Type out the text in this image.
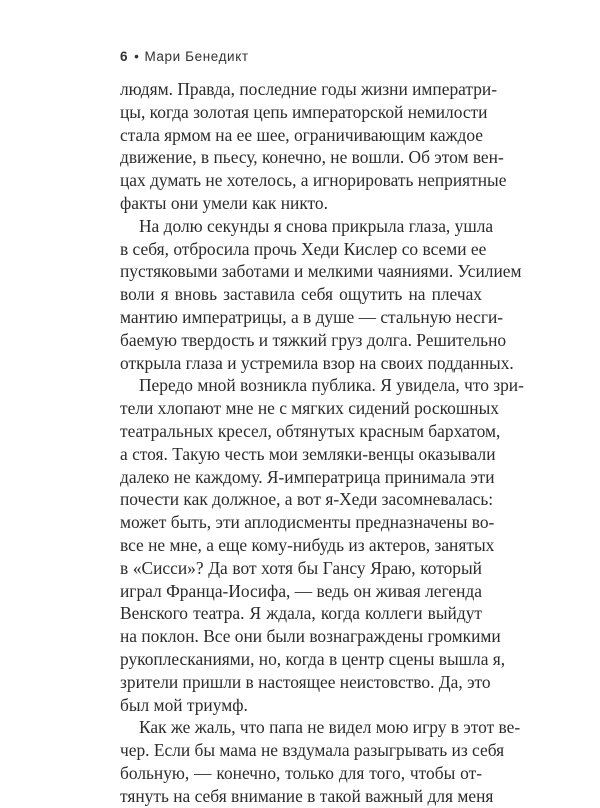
6 • Мари Бенедикт

людям. Правда, последние годы жизни императри-
цы, когда золотая цепь императорской немилости
стала ярмом на ее шее, ограничивающим каждое
движение, в пьесу, конечно, не вошли. Об этом вен-
цах думать не хотелось, а игнорировать неприятные
факты они умели как никто.

На долю секунды я снова прикрыла глаза, ушла
в себя, отбросила прочь Хеди Кислер со всеми ее
пустяковыми заботами и мелкими чаяниями. Усилием
воли я вновь заставила себя ощутить на плечах
мантию императрицы, а в душе — стальную несги-
баемую твердость и тяжкий груз долга. Решительно
открыла глаза и устремила взор на своих подданных.

Передо мной возникла публика. Я увидела, что зри-
тели хлопают мне не с мягких сидений роскошных
театральных кресел, обтянутых красным бархатом,
а стоя. Такую честь мои земляки-венцы оказывали
далеко не каждому. Я-императрица принимала эти
почести как должное, а вот я-Хеди засомневалась:
может быть, эти аплодисменты предназначены во-
все не мне, а еще кому-нибудь из актеров, занятых
в «Сисси»? Да вот хотя бы Гансу Яраю, который
играл Франца-Иосифа, — ведь он живая легенда
Венского театра. Я ждала, когда коллеги выйдут
на поклон. Все они были вознаграждены громкими
рукоплесканиями, но, когда в центр сцены вышла я,
зрители пришли в настоящее неистовство. Да, это
был мой триумф.

Как же жаль, что папа не видел мою игру в этот ве-
чер. Если бы мама не вздумала разыгрывать из себя
больную, — конечно, только для того, чтобы от-
тянуть на себя внимание в такой важный для меня
